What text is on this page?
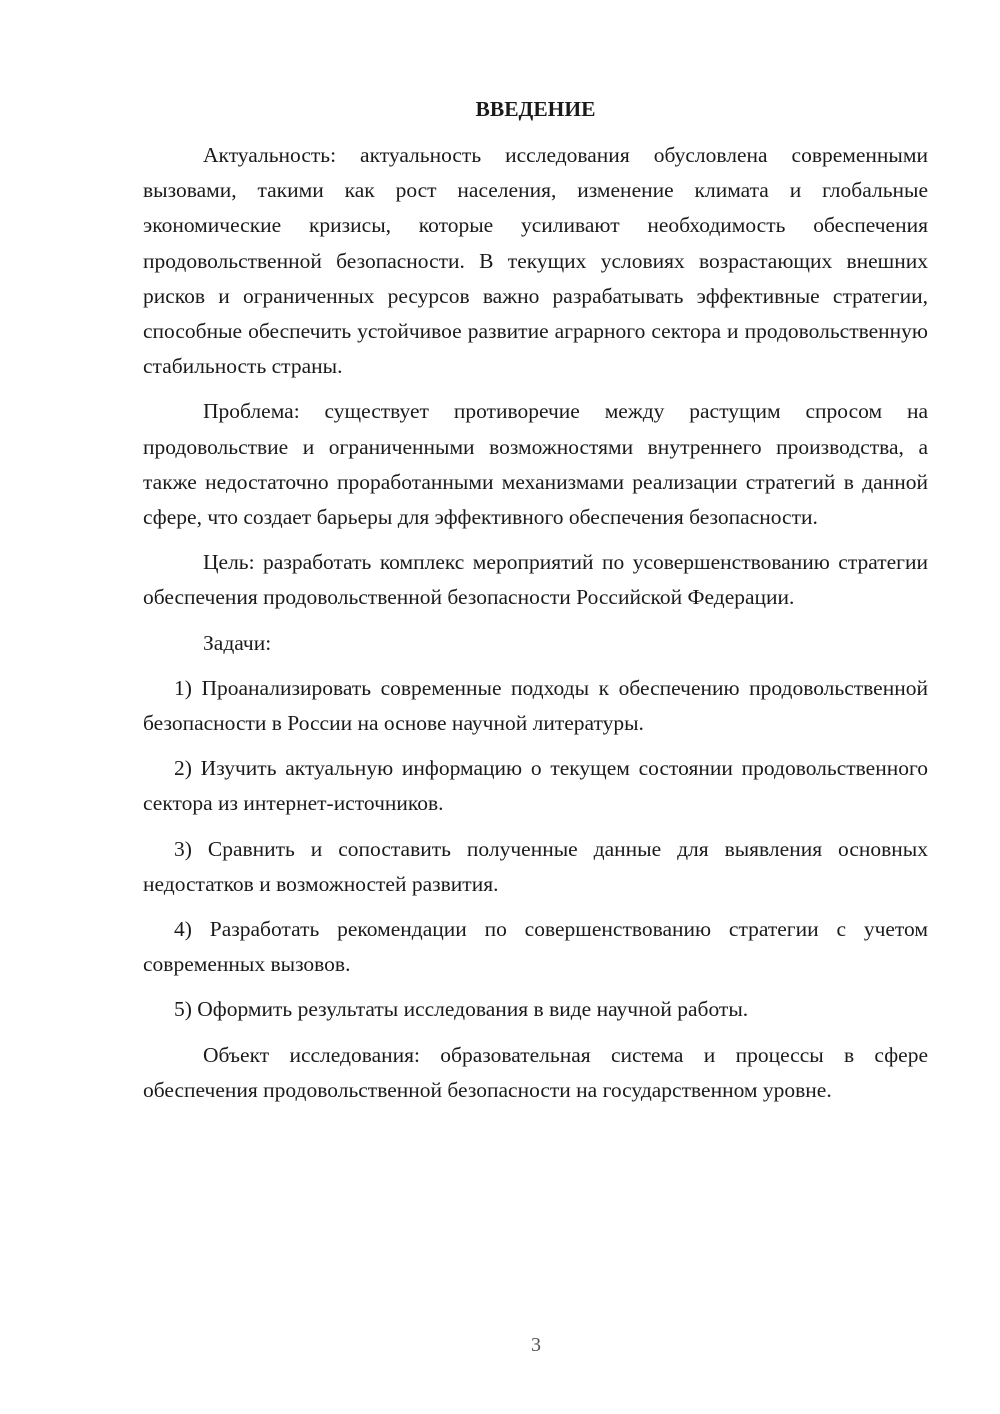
ВВЕДЕНИЕ

Актуальность: актуальность исследования обусловлена современными вызовами, такими как рост населения, изменение климата и глобальные экономические кризисы, которые усиливают необходимость обеспечения продовольственной безопасности. В текущих условиях возрастающих внешних рисков и ограниченных ресурсов важно разрабатывать эффективные стратегии, способные обеспечить устойчивое развитие аграрного сектора и продовольственную стабильность страны.

Проблема: существует противоречие между растущим спросом на продовольствие и ограниченными возможностями внутреннего производства, а также недостаточно проработанными механизмами реализации стратегий в данной сфере, что создает барьеры для эффективного обеспечения безопасности.

Цель: разработать комплекс мероприятий по усовершенствованию стратегии обеспечения продовольственной безопасности Российской Федерации.

Задачи:

1) Проанализировать современные подходы к обеспечению продовольственной безопасности в России на основе научной литературы.

2) Изучить актуальную информацию о текущем состоянии продовольственного сектора из интернет-источников.

3) Сравнить и сопоставить полученные данные для выявления основных недостатков и возможностей развития.

4) Разработать рекомендации по совершенствованию стратегии с учетом современных вызовов.

5) Оформить результаты исследования в виде научной работы.

Объект исследования: образовательная система и процессы в сфере обеспечения продовольственной безопасности на государственном уровне.

3
